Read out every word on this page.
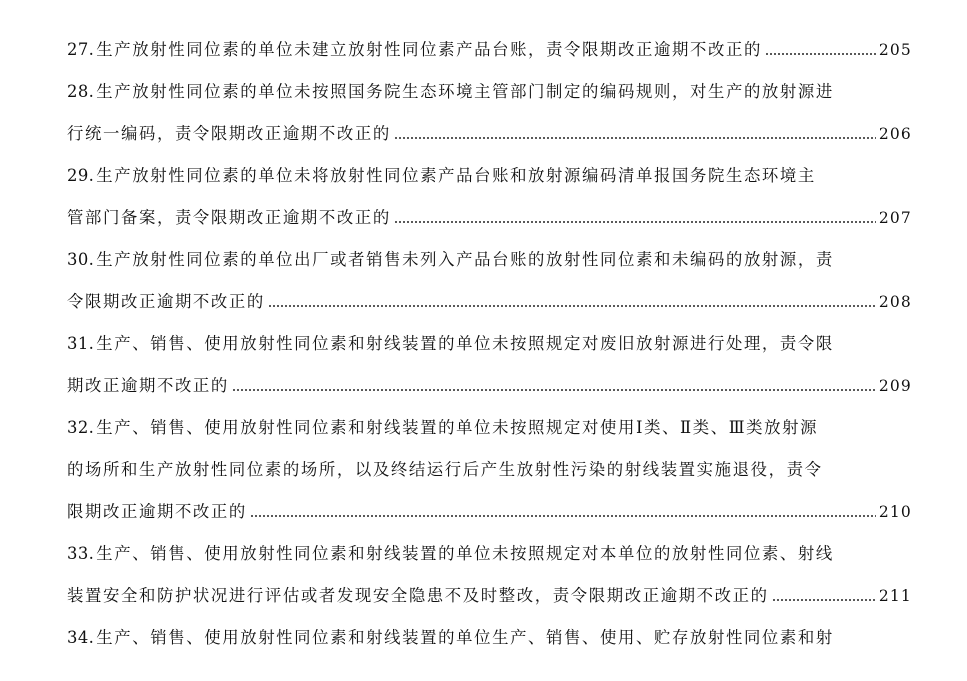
27. 生产放射性同位素的单位未建立放射性同位素产品台账，责令限期改正逾期不改正的	205
28. 生产放射性同位素的单位未按照国务院生态环境主管部门制定的编码规则，对生产的放射源进
行统一编码，责令限期改正逾期不改正的	206
29. 生产放射性同位素的单位未将放射性同位素产品台账和放射源编码清单报国务院生态环境主
管部门备案，责令限期改正逾期不改正的	207
30. 生产放射性同位素的单位出厂或者销售未列入产品台账的放射性同位素和未编码的放射源，责
令限期改正逾期不改正的	208
31. 生产、销售、使用放射性同位素和射线装置的单位未按照规定对废旧放射源进行处理，责令限
期改正逾期不改正的	209
32. 生产、销售、使用放射性同位素和射线装置的单位未按照规定对使用Ⅰ类、Ⅱ类、Ⅲ类放射源
的场所和生产放射性同位素的场所，以及终结运行后产生放射性污染的射线装置实施退役，责令
限期改正逾期不改正的	210
33. 生产、销售、使用放射性同位素和射线装置的单位未按照规定对本单位的放射性同位素、射线
装置安全和防护状况进行评估或者发现安全隐患不及时整改，责令限期改正逾期不改正的	211
34. 生产、销售、使用放射性同位素和射线装置的单位生产、销售、使用、贮存放射性同位素和射
